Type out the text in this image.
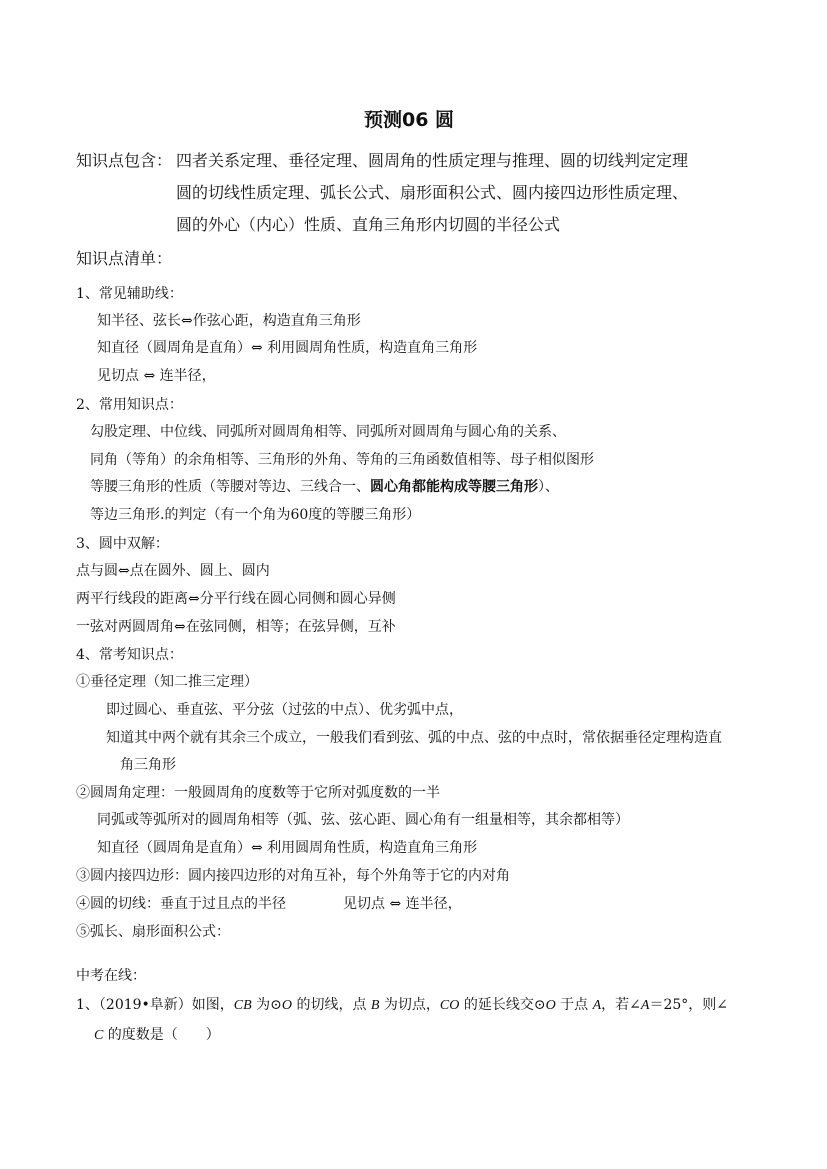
预测06 圆
知识点包含： 四者关系定理、垂径定理、圆周角的性质定理与推理、圆的切线判定定理
圆的切线性质定理、弧长公式、扇形面积公式、圆内接四边形性质定理、
圆的外心（内心）性质、直角三角形内切圆的半径公式
知识点清单：
1、常见辅助线：
知半径、弦长⇔作弦心距，构造直角三角形
知直径（圆周角是直角）⇔ 利用圆周角性质，构造直角三角形
见切点 ⇔ 连半径，
2、常用知识点：
勾股定理、中位线、同弧所对圆周角相等、同弧所对圆周角与圆心角的关系、
同角（等角）的余角相等、三角形的外角、等角的三角函数值相等、母子相似图形
等腰三角形的性质（等腰对等边、三线合一、圆心角都能构成等腰三角形）、
等边三角形.的判定（有一个角为60度的等腰三角形）
3、圆中双解：
点与圆⇔点在圆外、圆上、圆内
两平行线段的距离⇔分平行线在圆心同侧和圆心异侧
一弦对两圆周角⇔在弦同侧，相等；在弦异侧，互补
4、常考知识点：
①垂径定理（知二推三定理）
即过圆心、垂直弦、平分弦（过弦的中点）、优劣弧中点，
知道其中两个就有其余三个成立，一般我们看到弦、弧的中点、弦的中点时，常依据垂径定理构造直
角三角形
②圆周角定理：一般圆周角的度数等于它所对弧度数的一半
同弧或等弧所对的圆周角相等（弧、弦、弦心距、圆心角有一组量相等，其余都相等）
知直径（圆周角是直角）⇔ 利用圆周角性质，构造直角三角形
③圆内接四边形：圆内接四边形的对角互补，每个外角等于它的内对角
④圆的切线：垂直于过且点的半径	见切点 ⇔ 连半径，
⑤弧长、扇形面积公式：
中考在线：
1、（2019•阜新）如图，CB 为⊙O 的切线，点 B 为切点，CO 的延长线交⊙O 于点 A，若∠A＝25°，则∠
C 的度数是（　　）
